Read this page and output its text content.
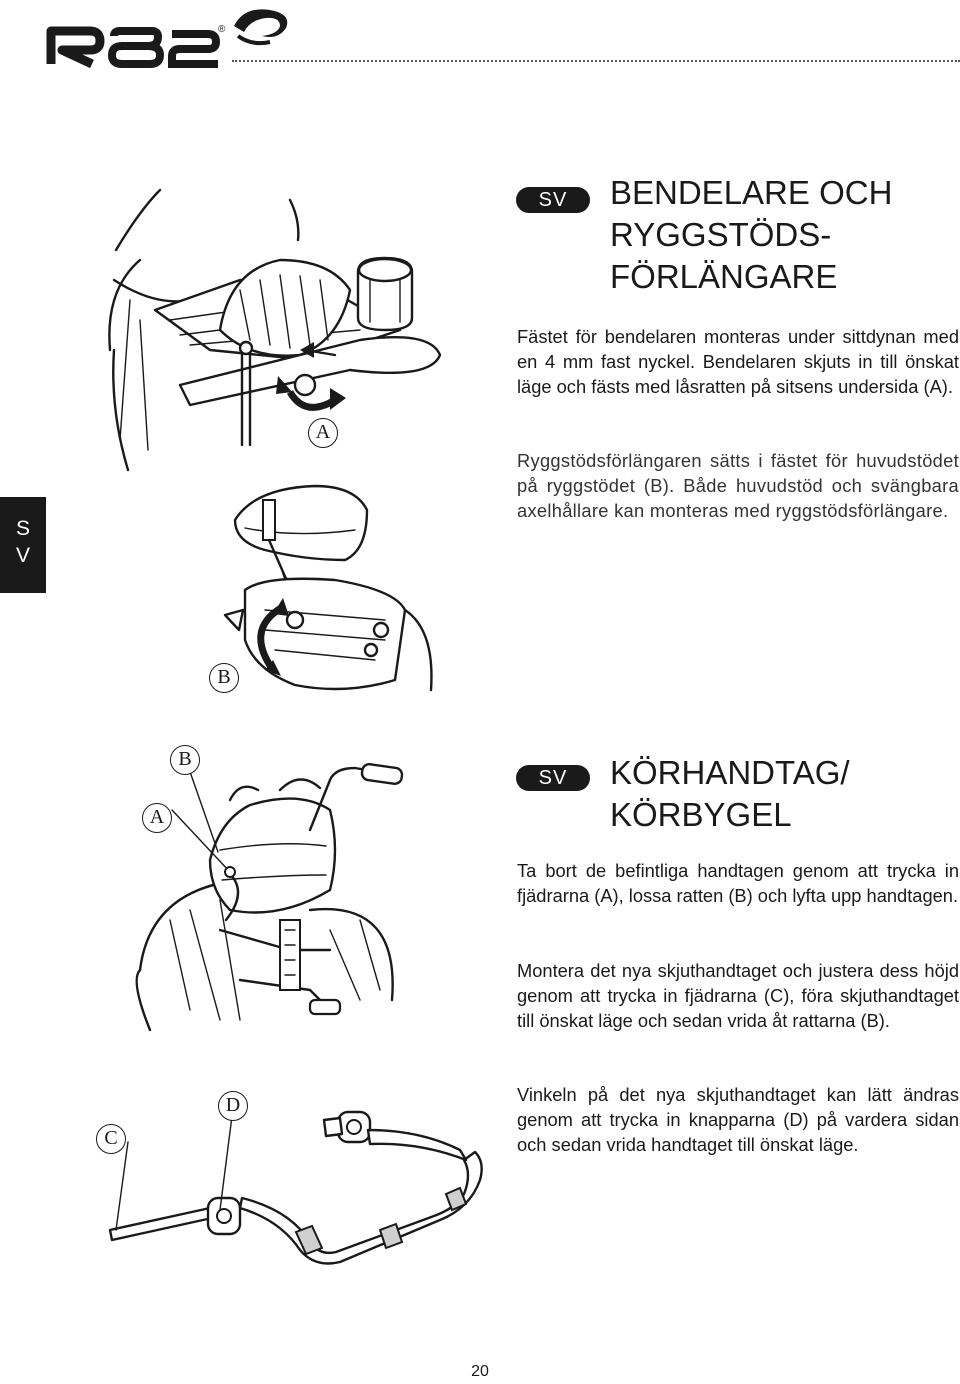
®
S
V
SV	BENDELARE OCH
RYGGSTÖDS-
FÖRLÄNGARE

Fästet för bendelaren monteras under sittdynan med en 4 mm fast nyckel. Bendelaren skjuts in till önskat läge och fästs med låsratten på sitsens undersida (A).

Ryggstödsförlängaren sätts i fästet för huvudstödet på ryggstödet (B). Både huvudstöd och svängbara axelhållare kan monteras med ryggstödsförlängare.

A
B
SV	KÖRHANDTAG/
KÖRBYGEL

Ta bort de befintliga handtagen genom att trycka in fjädrarna (A), lossa ratten (B) och lyfta upp handtagen.

Montera det nya skjuthandtaget och justera dess höjd genom att trycka in fjädrarna (C), föra skjuthandtaget till önskat läge och sedan vrida åt rattarna (B).

Vinkeln på det nya skjuthandtaget kan lätt ändras genom att trycka in knapparna (D) på vardera sidan och sedan vrida handtaget till önskat läge.

A
B
C
D
20
